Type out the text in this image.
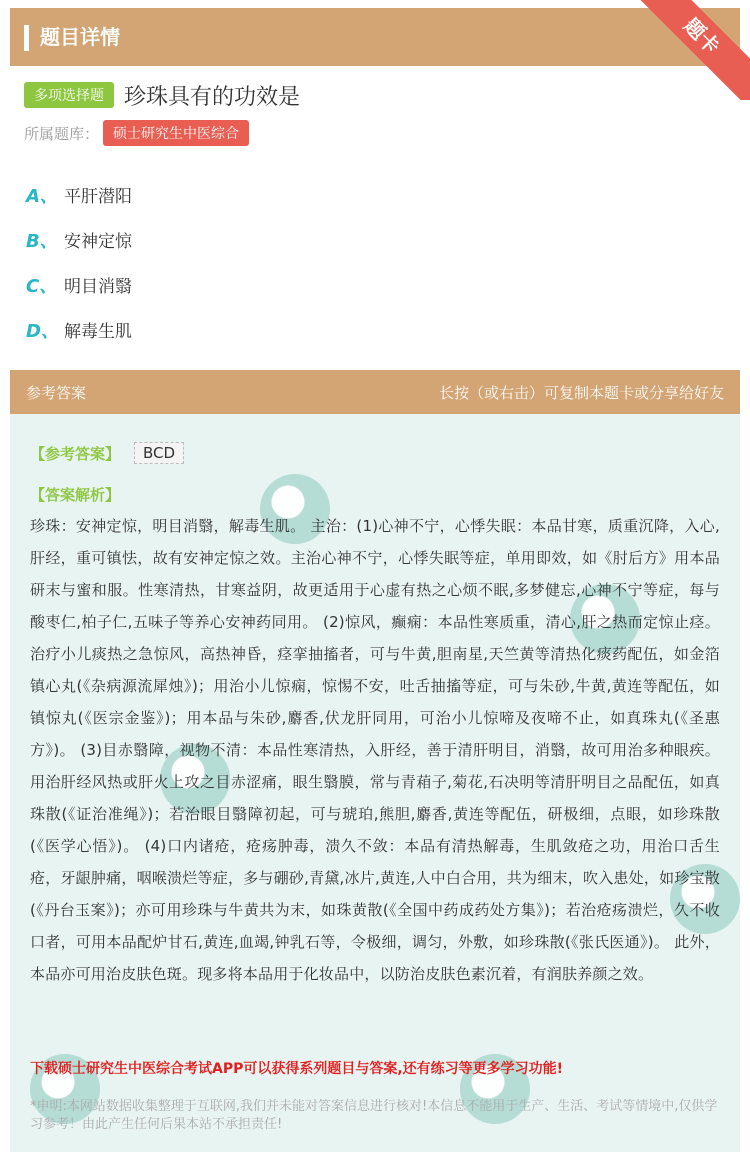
题目详情	题卡
多项选择题 珍珠具有的功效是
所属题库：	硕士研究生中医综合
A、 平肝潜阳
B、 安神定惊
C、 明目消翳
D、 解毒生肌
参考答案	长按（或右击）可复制本题卡或分享给好友
【参考答案】	BCD
【答案解析】
珍珠：安神定惊，明目消翳，解毒生肌。 主治：(1)心神不宁，心悸失眠：本品甘寒，质重沉降，入心,肝经，重可镇怯，故有安神定惊之效。主治心神不宁，心悸失眠等症，单用即效，如《肘后方》用本品研末与蜜和服。性寒清热，甘寒益阴，故更适用于心虚有热之心烦不眠,多梦健忘,心神不宁等症，每与酸枣仁,柏子仁,五味子等养心安神药同用。 (2)惊风，癫痫：本品性寒质重，清心,肝之热而定惊止痉。治疗小儿痰热之急惊风，高热神昏，痉挛抽搐者，可与牛黄,胆南星,天竺黄等清热化痰药配伍，如金箔镇心丸(《杂病源流犀烛》)；用治小儿惊痫，惊惕不安，吐舌抽搐等症，可与朱砂,牛黄,黄连等配伍，如镇惊丸(《医宗金鉴》)；用本品与朱砂,麝香,伏龙肝同用，可治小儿惊啼及夜啼不止，如真珠丸(《圣惠方》)。 (3)目赤翳障，视物不清：本品性寒清热，入肝经，善于清肝明目，消翳，故可用治多种眼疾。用治肝经风热或肝火上攻之目赤涩痛，眼生翳膜，常与青葙子,菊花,石决明等清肝明目之品配伍，如真珠散(《证治准绳》)；若治眼目翳障初起，可与琥珀,熊胆,麝香,黄连等配伍，研极细，点眼，如珍珠散(《医学心悟》)。 (4)口内诸疮，疮疡肿毒，溃久不敛：本品有清热解毒，生肌敛疮之功，用治口舌生疮，牙龈肿痛，咽喉溃烂等症，多与硼砂,青黛,冰片,黄连,人中白合用，共为细末，吹入患处，如珍宝散(《丹台玉案》)；亦可用珍珠与牛黄共为末，如珠黄散(《全国中药成药处方集》)；若治疮疡溃烂，久不收口者，可用本品配炉甘石,黄连,血竭,钟乳石等，令极细，调匀，外敷，如珍珠散(《张氏医通》)。 此外，本品亦可用治皮肤色斑。现多将本品用于化妆品中，以防治皮肤色素沉着，有润肤养颜之效。
下载硕士研究生中医综合考试APP可以获得系列题目与答案,还有练习等更多学习功能!
*申明:本网站数据收集整理于互联网,我们并未能对答案信息进行核对!本信息不能用于生产、生活、考试等情境中,仅供学习参考！由此产生任何后果本站不承担责任!
